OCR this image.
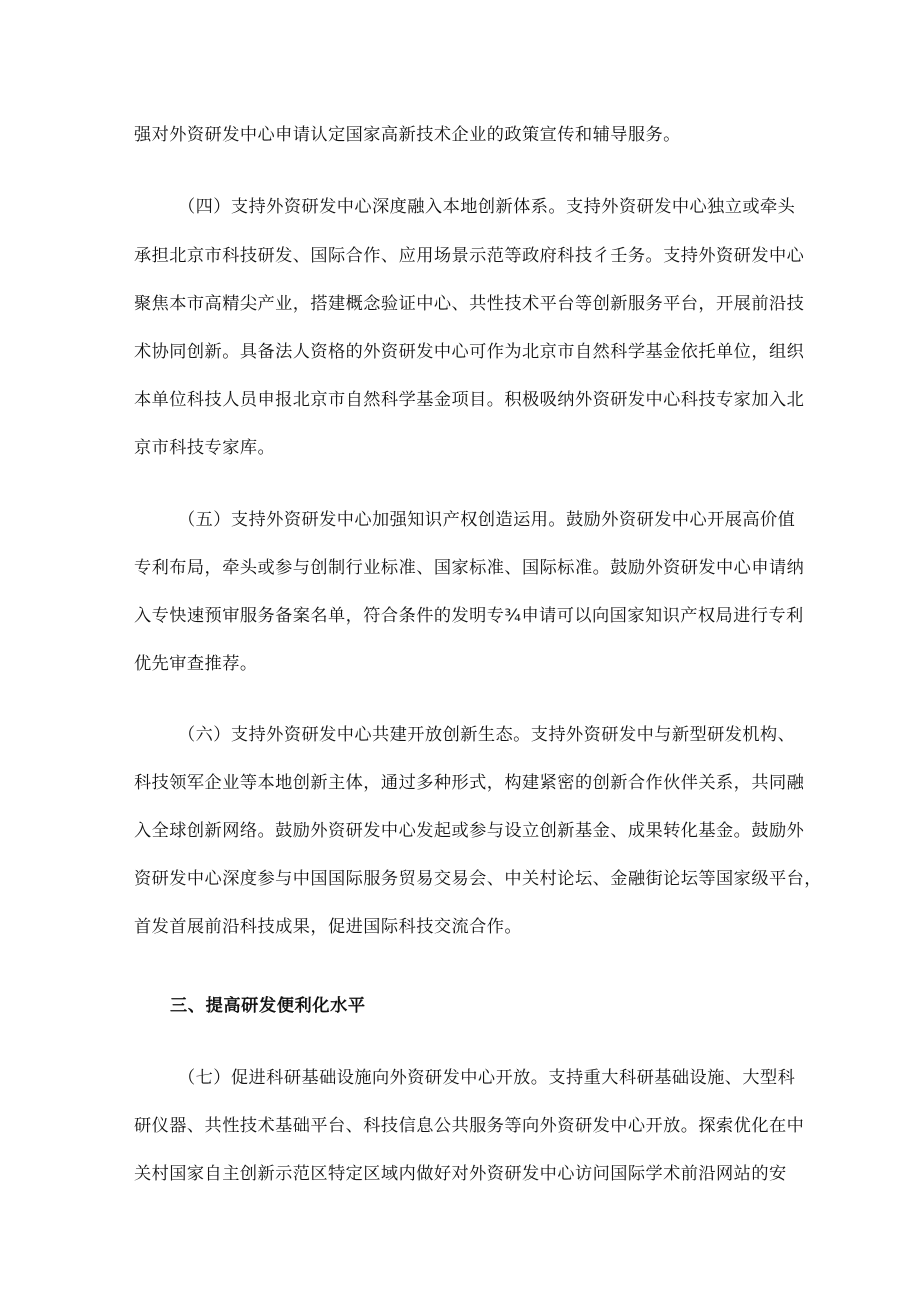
强对外资研发中心申请认定国家高新技术企业的政策宣传和辅导服务。

（四）支持外资研发中心深度融入本地创新体系。支持外资研发中心独立或牵头

承担北京市科技研发、国际合作、应用场景示范等政府科技彳壬务。支持外资研发中心

聚焦本市高精尖产业，搭建概念验证中心、共性技术平台等创新服务平台，开展前沿技

术协同创新。具备法人资格的外资研发中心可作为北京市自然科学基金依托单位，组织

本单位科技人员申报北京市自然科学基金项目。积极吸纳外资研发中心科技专家加入北

京市科技专家库。

（五）支持外资研发中心加强知识产权创造运用。鼓励外资研发中心开展高价值

专利布局，牵头或参与创制行业标准、国家标准、国际标准。鼓励外资研发中心申请纳

入专快速预审服务备案名单，符合条件的发明专¾申请可以向国家知识产权局进行专利

优先审查推荐。

（六）支持外资研发中心共建开放创新生态。支持外资研发中与新型研发机构、

科技领军企业等本地创新主体，通过多种形式，构建紧密的创新合作伙伴关系，共同融

入全球创新网络。鼓励外资研发中心发起或参与设立创新基金、成果转化基金。鼓励外

资研发中心深度参与中国国际服务贸易交易会、中关村论坛、金融街论坛等国家级平台，

首发首展前沿科技成果，促进国际科技交流合作。

三、提高研发便利化水平

（七）促进科研基础设施向外资研发中心开放。支持重大科研基础设施、大型科

研仪器、共性技术基础平台、科技信息公共服务等向外资研发中心开放。探索优化在中

关村国家自主创新示范区特定区域内做好对外资研发中心访问国际学术前沿网站的安
